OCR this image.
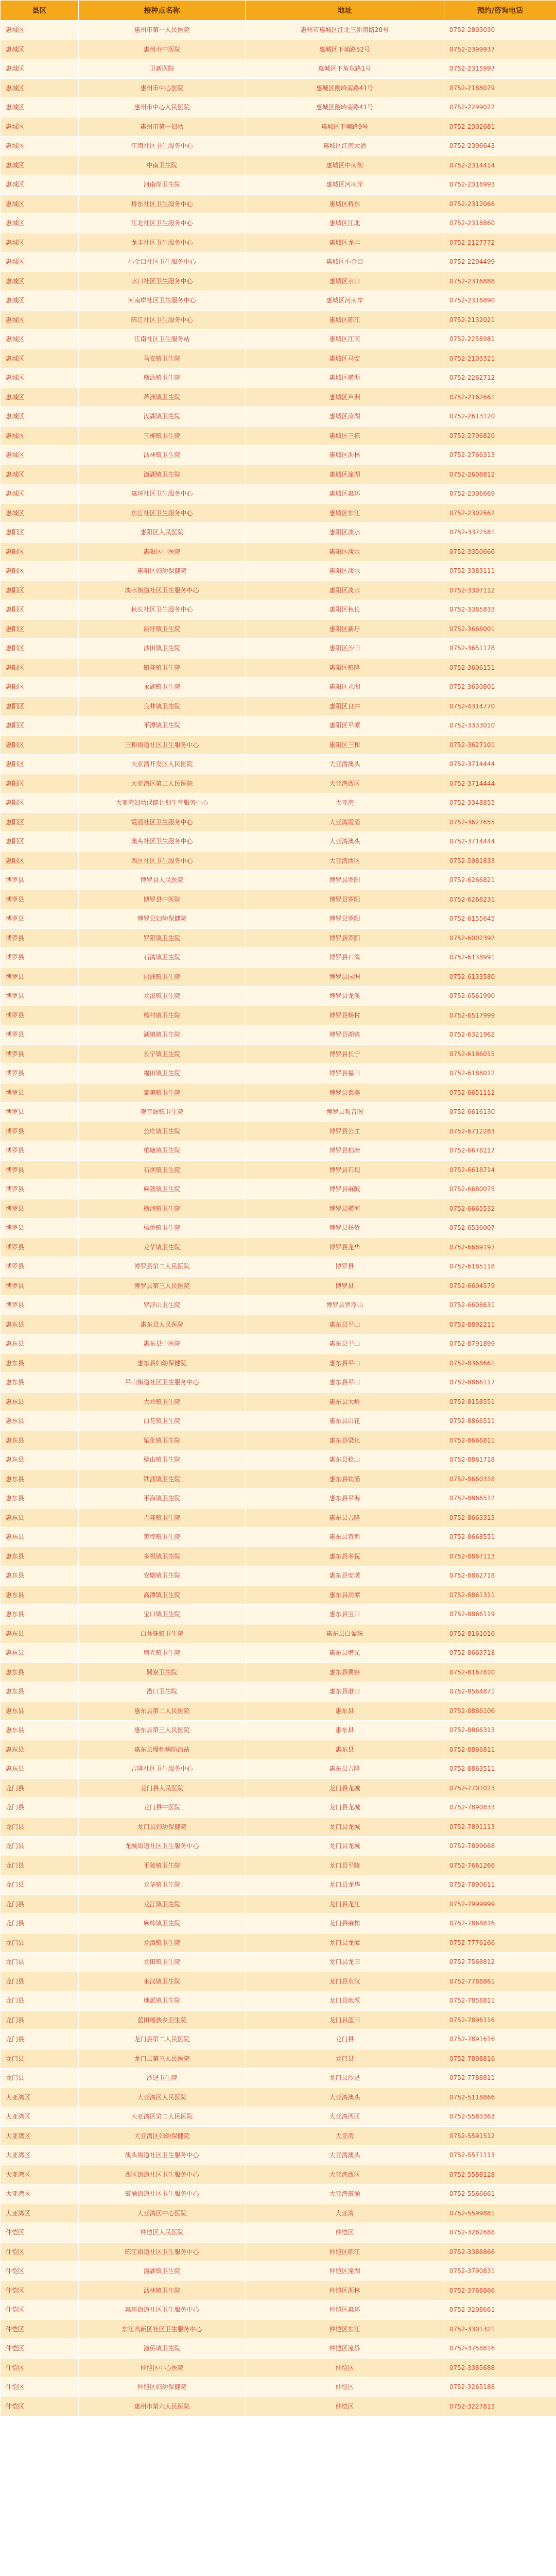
县区	接种点名称	地址	预约/咨询电话
惠城区	惠州市第一人民医院	惠州市惠城区江北三新南路20号	0752-2803030
惠城区	惠州市中医院	惠城区下埔路52号	0752-2399937
惠城区	卫新医院	惠城区下角东路1号	0752-2315997
惠城区	惠州市中心医院	惠城区鹅岭南路41号	0752-2188079
惠城区	惠州市中心人民医院	惠城区鹅岭南路41号	0752-2299022
惠城区	惠州市第一妇幼	惠城区下埔路9号	0752-2302681
惠城区	江南社区卫生服务中心	惠城区江南大道	0752-2306643
惠城区	中南卫生院	惠城区中南街	0752-2314414
惠城区	河南岸卫生院	惠城区河南岸	0752-2316993
惠城区	桥东社区卫生服务中心	惠城区桥东	0752-2312066
惠城区	江北社区卫生服务中心	惠城区江北	0752-2318860
惠城区	龙丰社区卫生服务中心	惠城区龙丰	0752-2127772
惠城区	小金口社区卫生服务中心	惠城区小金口	0752-2294499
惠城区	水口社区卫生服务中心	惠城区水口	0752-2316888
惠城区	河南岸社区卫生服务中心	惠城区河南岸	0752-2316890
惠城区	陈江社区卫生服务中心	惠城区陈江	0752-2132021
惠城区	江南社区卫生服务站	惠城区江南	0752-2258981
惠城区	马安镇卫生院	惠城区马安	0752-2103321
惠城区	横沥镇卫生院	惠城区横沥	0752-2262712
惠城区	芦洲镇卫生院	惠城区芦洲	0752-2162661
惠城区	汝湖镇卫生院	惠城区汝湖	0752-2613120
惠城区	三栋镇卫生院	惠城区三栋	0752-2796820
惠城区	沥林镇卫生院	惠城区沥林	0752-2766313
惠城区	潼湖镇卫生院	惠城区潼湖	0752-2608812
惠城区	惠环社区卫生服务中心	惠城区惠环	0752-2306669
惠城区	东江社区卫生服务中心	惠城区东江	0752-2302662
惠阳区	惠阳区人民医院	惠阳区淡水	0752-3372581
惠阳区	惠阳区中医院	惠阳区淡水	0752-3350666
惠阳区	惠阳区妇幼保健院	惠阳区淡水	0752-3383111
惠阳区	淡水街道社区卫生服务中心	惠阳区淡水	0752-3307112
惠阳区	秋长社区卫生服务中心	惠阳区秋长	0752-3385833
惠阳区	新圩镇卫生院	惠阳区新圩	0752-3666001
惠阳区	沙田镇卫生院	惠阳区沙田	0752-3651178
惠阳区	镇隆镇卫生院	惠阳区镇隆	0752-3606151
惠阳区	永湖镇卫生院	惠阳区永湖	0752-3630801
惠阳区	良井镇卫生院	惠阳区良井	0752-4314770
惠阳区	平潭镇卫生院	惠阳区平潭	0752-3333010
惠阳区	三和街道社区卫生服务中心	惠阳区三和	0752-3627101
惠阳区	大亚湾开发区人民医院	大亚湾澳头	0752-3714444
惠阳区	大亚湾区第二人民医院	大亚湾西区	0752-3714444
惠阳区	大亚湾妇幼保健计划生育服务中心	大亚湾	0752-3348855
惠阳区	霞涌社区卫生服务中心	大亚湾霞涌	0752-3627655
惠阳区	澳头社区卫生服务中心	大亚湾澳头	0752-3714444
惠阳区	西区社区卫生服务中心	大亚湾西区	0752-5981833
博罗县	博罗县人民医院	博罗县罗阳	0752-6266821
博罗县	博罗县中医院	博罗县罗阳	0752-6268231
博罗县	博罗县妇幼保健院	博罗县罗阳	0752-6155645
博罗县	罗阳镇卫生院	博罗县罗阳	0752-6002392
博罗县	石湾镇卫生院	博罗县石湾	0752-6138991
博罗县	园洲镇卫生院	博罗县园洲	0752-6133580
博罗县	龙溪镇卫生院	博罗县龙溪	0752-6561990
博罗县	杨村镇卫生院	博罗县杨村	0752-6517999
博罗县	湖镇镇卫生院	博罗县湖镇	0752-6321962
博罗县	长宁镇卫生院	博罗县长宁	0752-6186015
博罗县	福田镇卫生院	博罗县福田	0752-6188012
博罗县	泰美镇卫生院	博罗县泰美	0752-6651112
博罗县	观音阁镇卫生院	博罗县观音阁	0752-6616130
博罗县	公庄镇卫生院	博罗县公庄	0752-6712283
博罗县	柏塘镇卫生院	博罗县柏塘	0752-6678217
博罗县	石坝镇卫生院	博罗县石坝	0752-6618714
博罗县	麻陂镇卫生院	博罗县麻陂	0752-6680075
博罗县	横河镇卫生院	博罗县横河	0752-6665532
博罗县	杨侨镇卫生院	博罗县杨侨	0752-6536007
博罗县	龙华镇卫生院	博罗县龙华	0752-6689197
博罗县	博罗县第二人民医院	博罗县	0752-6185118
博罗县	博罗县第三人民医院	博罗县	0752-6604579
博罗县	罗浮山卫生院	博罗县罗浮山	0752-6608631
惠东县	惠东县人民医院	惠东县平山	0752-8892211
惠东县	惠东县中医院	惠东县平山	0752-8791899
惠东县	惠东县妇幼保健院	惠东县平山	0752-8368661
惠东县	平山街道社区卫生服务中心	惠东县平山	0752-8866117
惠东县	大岭镇卫生院	惠东县大岭	0752-8158551
惠东县	白花镇卫生院	惠东县白花	0752-8866511
惠东县	梁化镇卫生院	惠东县梁化	0752-8666811
惠东县	稔山镇卫生院	惠东县稔山	0752-8861718
惠东县	铁涌镇卫生院	惠东县铁涌	0752-8660318
惠东县	平海镇卫生院	惠东县平海	0752-8866512
惠东县	吉隆镇卫生院	惠东县吉隆	0752-8663313
惠东县	黄埠镇卫生院	惠东县黄埠	0752-8668551
惠东县	多祝镇卫生院	惠东县多祝	0752-8867113
惠东县	安墩镇卫生院	惠东县安墩	0752-8862718
惠东县	高潭镇卫生院	惠东县高潭	0752-8861311
惠东县	宝口镇卫生院	惠东县宝口	0752-8866119
惠东县	白盆珠镇卫生院	惠东县白盆珠	0752-8161016
惠东县	增光镇卫生院	惠东县增光	0752-8663718
惠东县	巽寮卫生院	惠东县巽寮	0752-8167810
惠东县	港口卫生院	惠东县港口	0752-8564871
惠东县	惠东县第二人民医院	惠东县	0752-8886106
惠东县	惠东县第三人民医院	惠东县	0752-8866313
惠东县	惠东县慢性病防治站	惠东县	0752-8866811
惠东县	吉隆社区卫生服务中心	惠东县吉隆	0752-8863511
龙门县	龙门县人民医院	龙门县龙城	0752-7701023
龙门县	龙门县中医院	龙门县龙城	0752-7890833
龙门县	龙门县妇幼保健院	龙门县龙城	0752-7891113
龙门县	龙城街道社区卫生服务中心	龙门县龙城	0752-7899668
龙门县	平陵镇卫生院	龙门县平陵	0752-7661266
龙门县	龙华镇卫生院	龙门县龙华	0752-7890611
龙门县	龙江镇卫生院	龙门县龙江	0752-7999999
龙门县	麻榨镇卫生院	龙门县麻榨	0752-7868816
龙门县	龙潭镇卫生院	龙门县龙潭	0752-7776166
龙门县	龙田镇卫生院	龙门县龙田	0752-7568812
龙门县	永汉镇卫生院	龙门县永汉	0752-7788861
龙门县	地派镇卫生院	龙门县地派	0752-7858811
龙门县	蓝田瑶族乡卫生院	龙门县蓝田	0752-7896116
龙门县	龙门县第二人民医院	龙门县	0752-7891616
龙门县	龙门县第三人民医院	龙门县	0752-7898816
龙门县	沙迳卫生院	龙门县沙迳	0752-7788811
大亚湾区	大亚湾区人民医院	大亚湾澳头	0752-5118866
大亚湾区	大亚湾区第二人民医院	大亚湾西区	0752-5583363
大亚湾区	大亚湾区妇幼保健院	大亚湾	0752-5591512
大亚湾区	澳头街道社区卫生服务中心	大亚湾澳头	0752-5571113
大亚湾区	西区街道社区卫生服务中心	大亚湾西区	0752-5588128
大亚湾区	霞涌街道社区卫生服务中心	大亚湾霞涌	0752-5566661
大亚湾区	大亚湾区中心医院	大亚湾	0752-5599881
仲恺区	仲恺区人民医院	仲恺区	0752-3262688
仲恺区	陈江街道社区卫生服务中心	仲恺区陈江	0752-3388866
仲恺区	潼湖镇卫生院	仲恺区潼湖	0752-3790831
仲恺区	沥林镇卫生院	仲恺区沥林	0752-3768866
仲恺区	惠环街道社区卫生服务中心	仲恺区惠环	0752-3208661
仲恺区	东江高新区社区卫生服务中心	仲恺区东江	0752-3301321
仲恺区	潼侨镇卫生院	仲恺区潼侨	0752-3758816
仲恺区	仲恺区中心医院	仲恺区	0752-3385688
仲恺区	仲恺区妇幼保健院	仲恺区	0752-3265188
仲恺区	惠州市第六人民医院	仲恺区	0752-3227813
